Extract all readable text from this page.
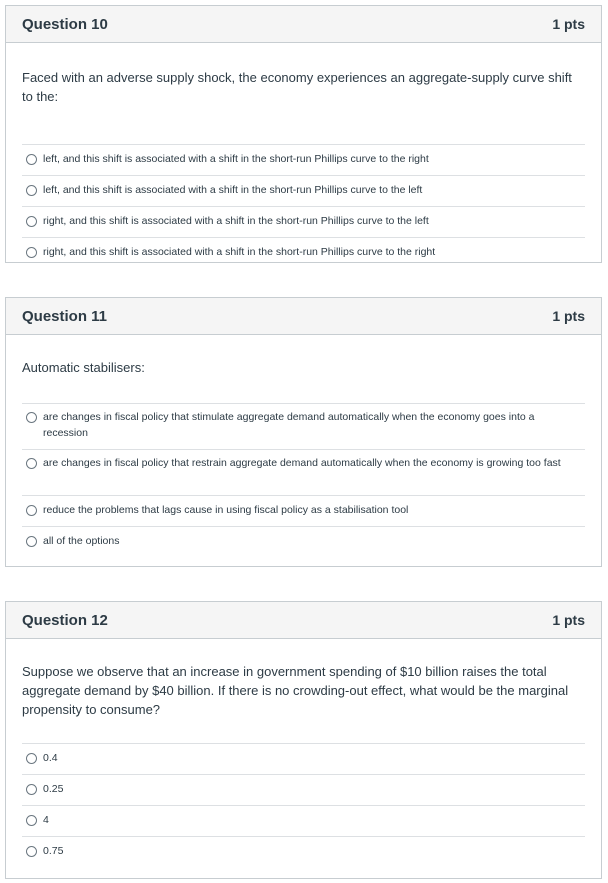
Question 10	1 pts

Faced with an adverse supply shock, the economy experiences an aggregate-supply curve shift to the:

left, and this shift is associated with a shift in the short-run Phillips curve to the right
left, and this shift is associated with a shift in the short-run Phillips curve to the left
right, and this shift is associated with a shift in the short-run Phillips curve to the left
right, and this shift is associated with a shift in the short-run Phillips curve to the right
Question 11	1 pts

Automatic stabilisers:

are changes in fiscal policy that stimulate aggregate demand automatically when the economy goes into a recession
are changes in fiscal policy that restrain aggregate demand automatically when the economy is growing too fast
reduce the problems that lags cause in using fiscal policy as a stabilisation tool
all of the options
Question 12	1 pts

Suppose we observe that an increase in government spending of $10 billion raises the total aggregate demand by $40 billion. If there is no crowding-out effect, what would be the marginal propensity to consume?

0.4
0.25
4
0.75
